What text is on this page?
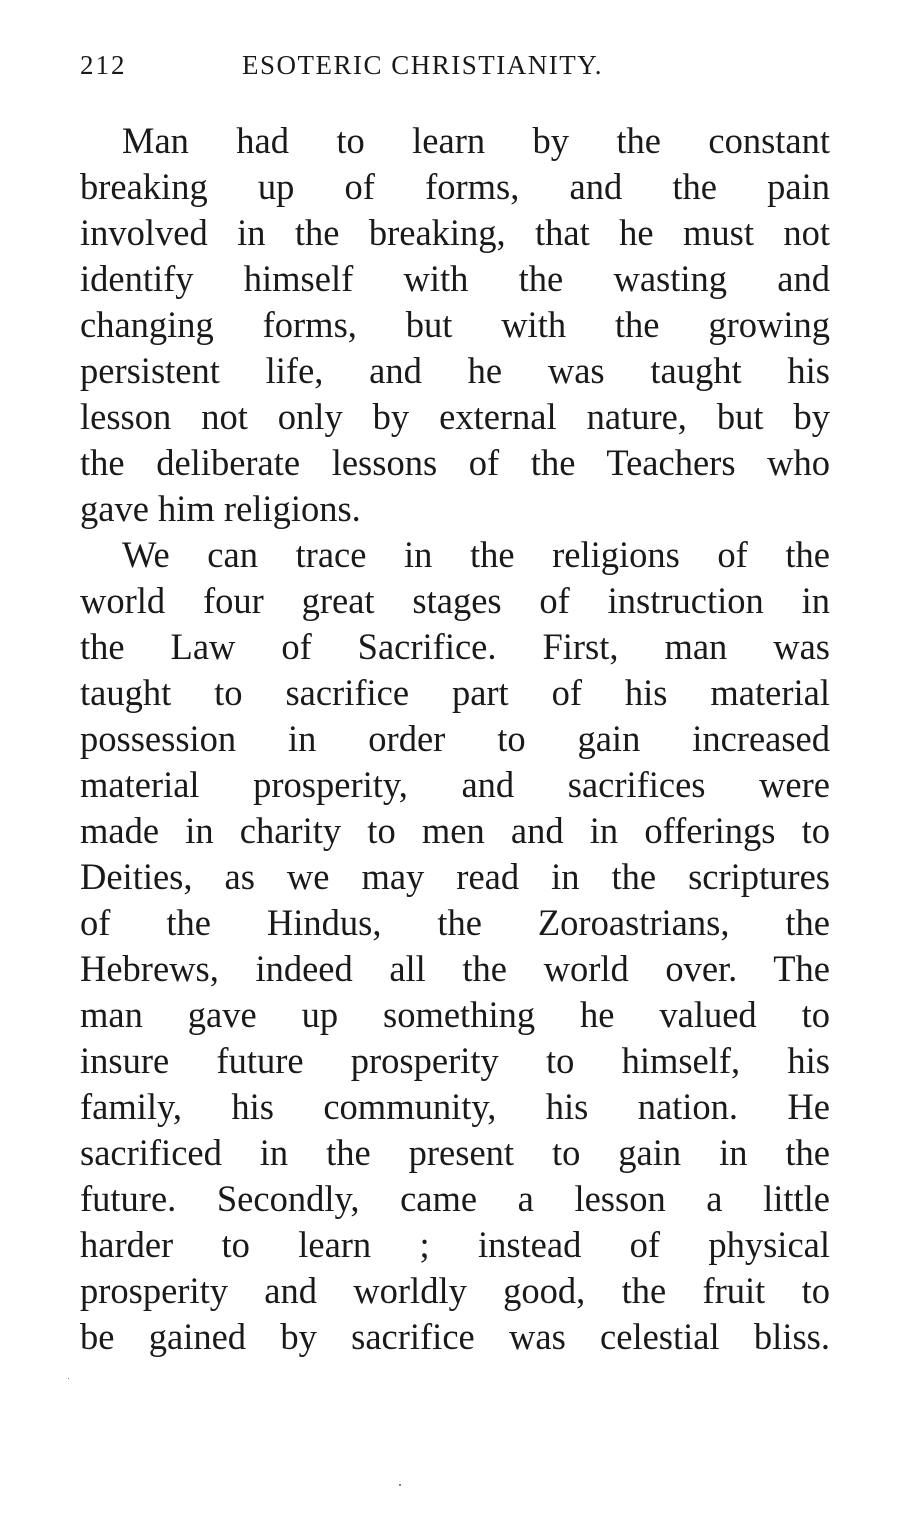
212	ESOTERIC CHRISTIANITY.
Man had to learn by the constant
breaking up of forms, and the pain
involved in the breaking, that he must not
identify himself with the wasting and
changing forms, but with the growing
persistent life, and he was taught his
lesson not only by external nature, but by
the deliberate lessons of the Teachers who
gave him religions.
We can trace in the religions of the
world four great stages of instruction in
the Law of Sacrifice. First, man was
taught to sacrifice part of his material
possession in order to gain increased
material prosperity, and sacrifices were
made in charity to men and in offerings to
Deities, as we may read in the scriptures
of the Hindus, the Zoroastrians, the
Hebrews, indeed all the world over. The
man gave up something he valued to
insure future prosperity to himself, his
family, his community, his nation. He
sacrificed in the present to gain in the
future. Secondly, came a lesson a little
harder to learn ; instead of physical
prosperity and worldly good, the fruit to
be gained by sacrifice was celestial bliss.
